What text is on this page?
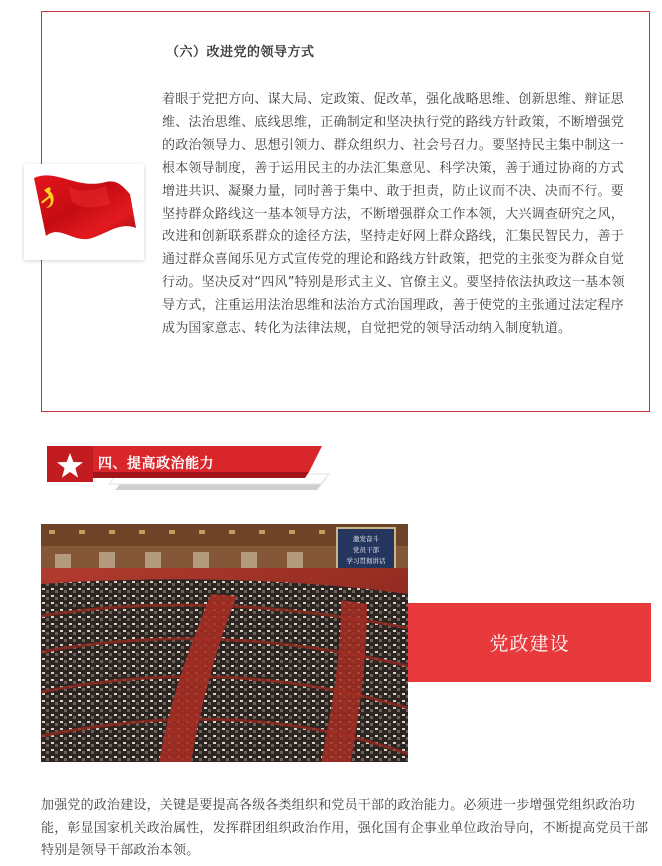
（六）改进党的领导方式

着眼于党把方向、谋大局、定政策、促改革，强化战略思维、创新思维、辩证思维、法治思维、底线思维，正确制定和坚决执行党的路线方针政策，不断增强党的政治领导力、思想引领力、群众组织力、社会号召力。要坚持民主集中制这一根本领导制度，善于运用民主的办法汇集意见、科学决策，善于通过协商的方式增进共识、凝聚力量，同时善于集中、敢于担责，防止议而不决、决而不行。要坚持群众路线这一基本领导方法，不断增强群众工作本领，大兴调查研究之风，改进和创新联系群众的途径方法，坚持走好网上群众路线，汇集民智民力，善于通过群众喜闻乐见方式宣传党的理论和路线方针政策，把党的主张变为群众自觉行动。坚决反对“四风”特别是形式主义、官僚主义。要坚持依法执政这一基本领导方式，注重运用法治思维和法治方式治国理政，善于使党的主张通过法定程序成为国家意志、转化为法律法规，自觉把党的领导活动纳入制度轨道。

四、提高政治能力
激发奋斗
党员干部
学习贯彻讲话
党政建设

加强党的政治建设，关键是要提高各级各类组织和党员干部的政治能力。必须进一步增强党组织政治功能，彰显国家机关政治属性，发挥群团组织政治作用，强化国有企事业单位政治导向，不断提高党员干部特别是领导干部政治本领。
